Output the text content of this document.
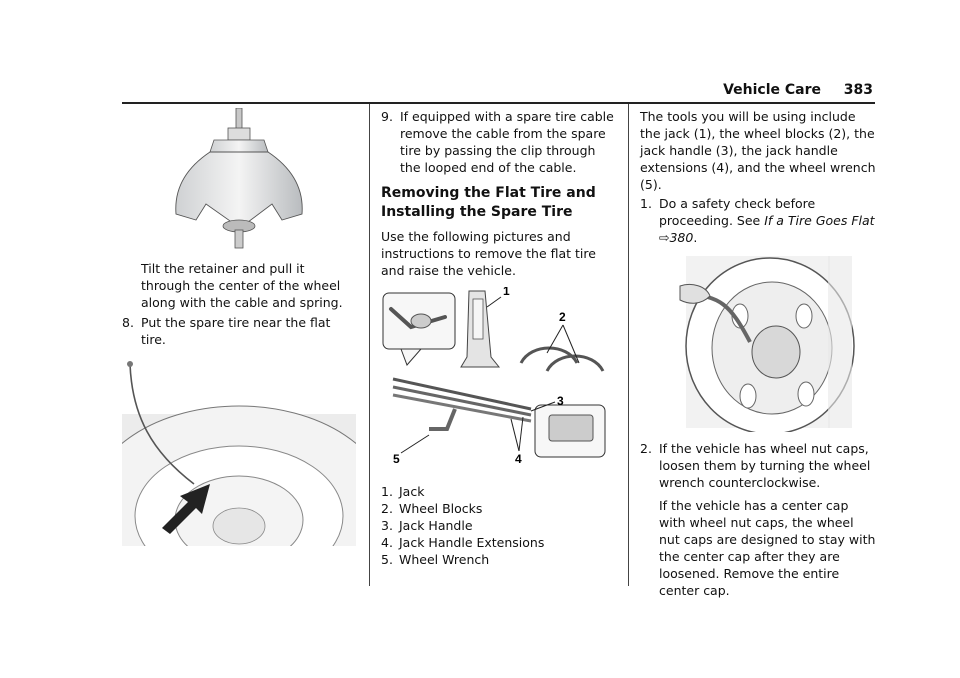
Vehicle Care 383

Tilt the retainer and pull it through the center of the wheel along with the cable and spring.

8. Put the spare tire near the flat tire.

9. If equipped with a spare tire cable remove the cable from the spare tire by passing the clip through the looped end of the cable.

Removing the Flat Tire and Installing the Spare Tire

Use the following pictures and instructions to remove the flat tire and raise the vehicle.

1
2
3
4
5
1. Jack
2. Wheel Blocks
3. Jack Handle
4. Jack Handle Extensions
5. Wheel Wrench

The tools you will be using include the jack (1), the wheel blocks (2), the jack handle (3), the jack handle extensions (4), and the wheel wrench (5).

1. Do a safety check before proceeding. See If a Tire Goes Flat ⇨380.

2. If the vehicle has wheel nut caps, loosen them by turning the wheel wrench counterclockwise.

If the vehicle has a center cap with wheel nut caps, the wheel nut caps are designed to stay with the center cap after they are loosened. Remove the entire center cap.
